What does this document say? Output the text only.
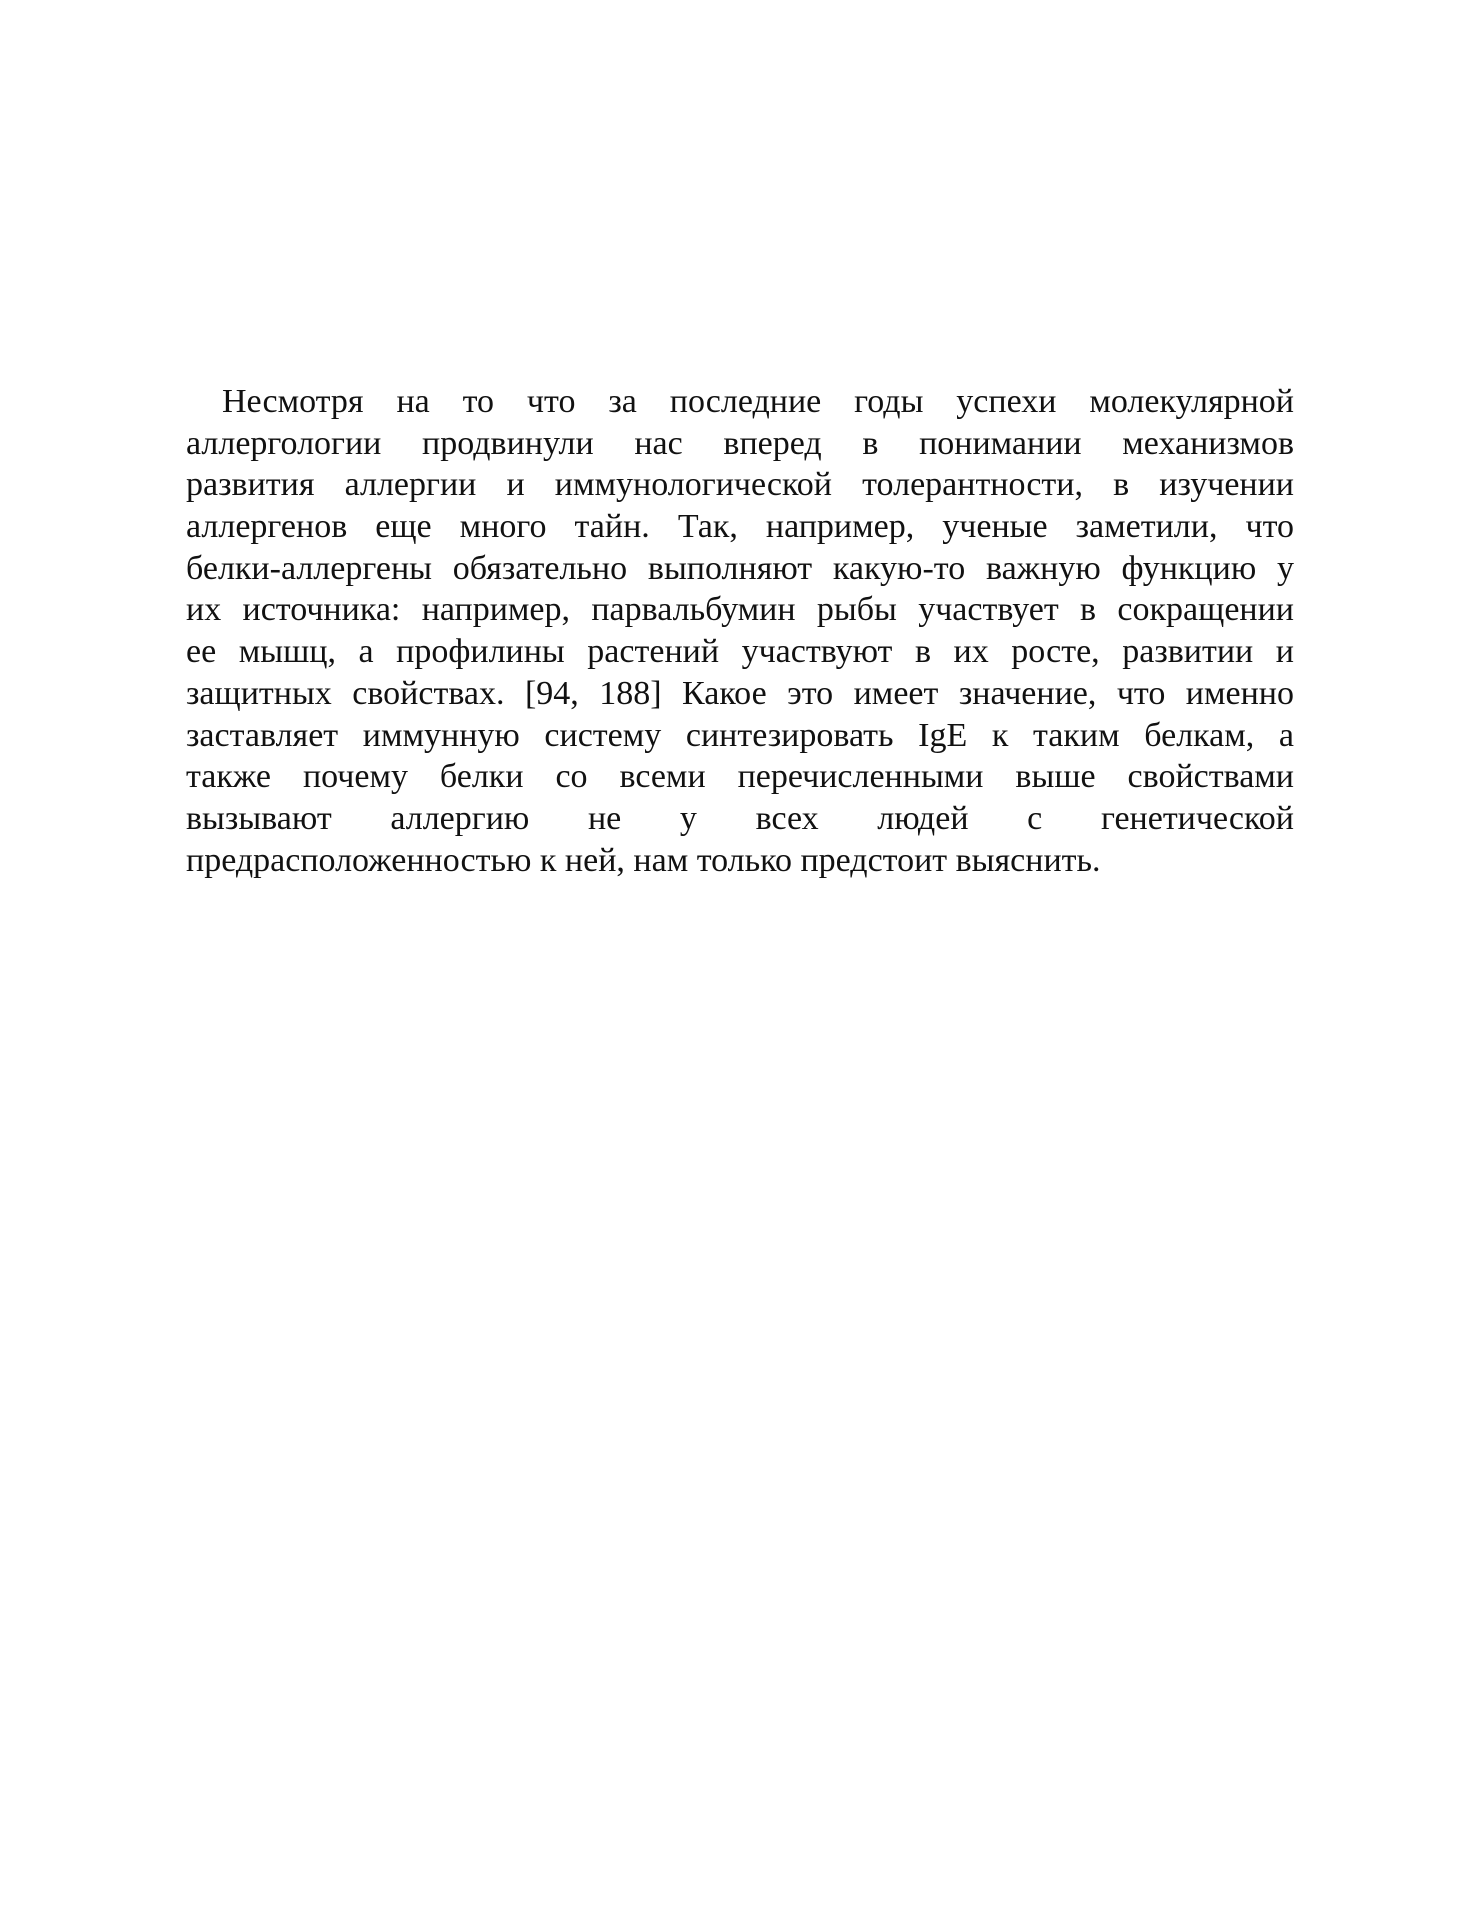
Несмотря на то что за последние годы успехи молекулярной
аллергологии продвинули нас вперед в понимании механизмов
развития аллергии и иммунологической толерантности, в изучении
аллергенов еще много тайн. Так, например, ученые заметили, что
белки-аллергены обязательно выполняют какую-то важную функцию у
их источника: например, парвальбумин рыбы участвует в сокращении
ее мышц, а профилины растений участвуют в их росте, развитии и
защитных свойствах. [94, 188] Какое это имеет значение, что именно
заставляет иммунную систему синтезировать IgE к таким белкам, а
также почему белки со всеми перечисленными выше свойствами
вызывают аллергию не у всех людей с генетической
предрасположенностью к ней, нам только предстоит выяснить.
